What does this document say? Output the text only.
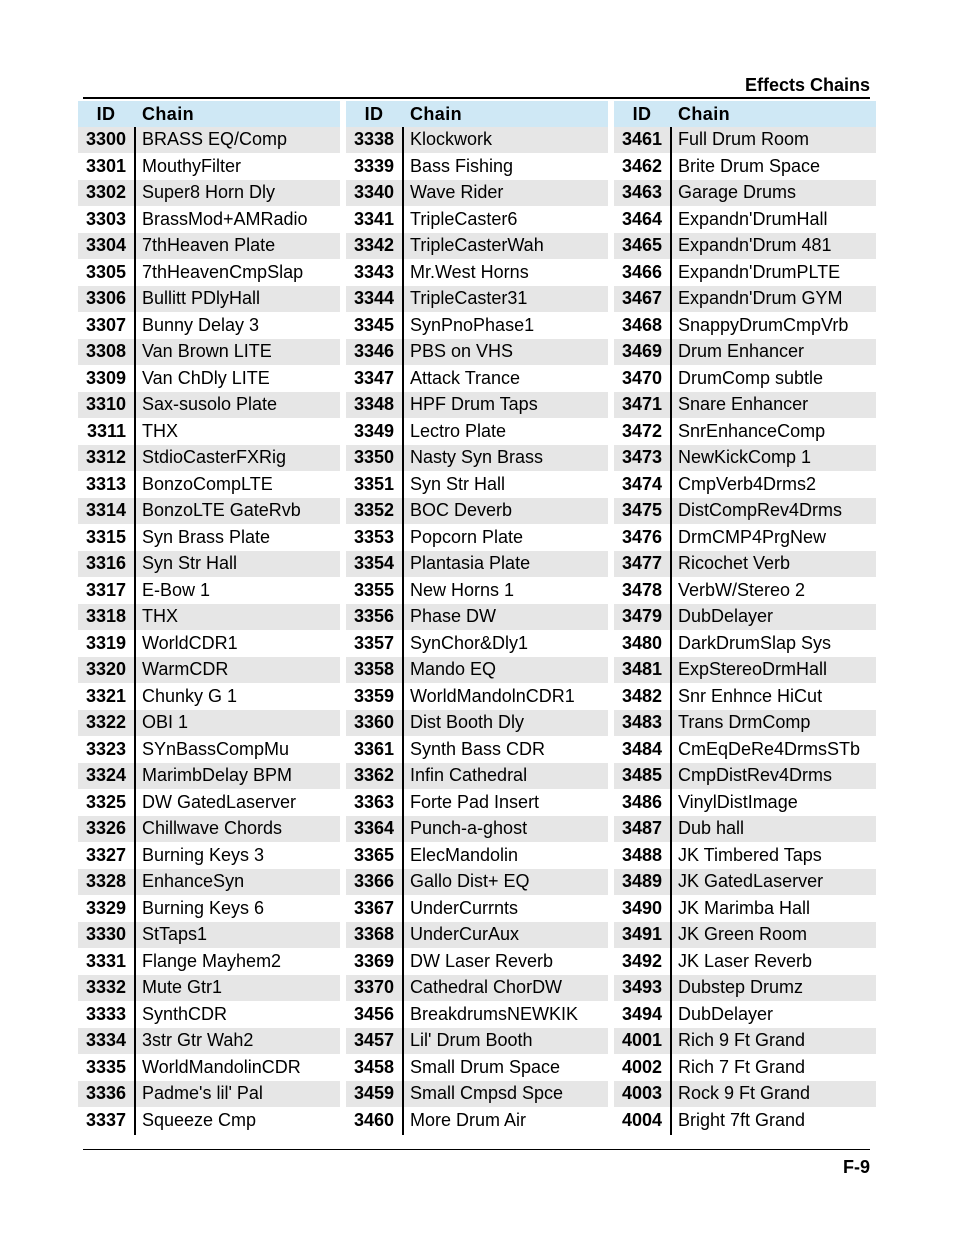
Effects Chains
ID	Chain
3300 BRASS EQ/Comp
3301 MouthyFilter
3302 Super8 Horn Dly
3303 BrassMod+AMRadio
3304 7thHeaven Plate
3305 7thHeavenCmpSlap
3306 Bullitt PDlyHall
3307 Bunny Delay 3
3308 Van Brown LITE
3309 Van ChDly LITE
3310 Sax-susolo Plate
3311 THX
3312 StdioCasterFXRig
3313 BonzoCompLTE
3314 BonzoLTE GateRvb
3315 Syn Brass Plate
3316 Syn Str Hall
3317 E-Bow 1
3318 THX
3319 WorldCDR1
3320 WarmCDR
3321 Chunky G 1
3322 OBI 1
3323 SYnBassCompMu
3324 MarimbDelay BPM
3325 DW GatedLaserver
3326 Chillwave Chords
3327 Burning Keys 3
3328 EnhanceSyn
3329 Burning Keys 6
3330 StTaps1
3331 Flange Mayhem2
3332 Mute Gtr1
3333 SynthCDR
3334 3str Gtr Wah2
3335 WorldMandolinCDR
3336 Padme's lil' Pal
3337 Squeeze Cmp
ID	Chain
3338 Klockwork
3339 Bass Fishing
3340 Wave Rider
3341 TripleCaster6
3342 TripleCasterWah
3343 Mr.West Horns
3344 TripleCaster31
3345 SynPnoPhase1
3346 PBS on VHS
3347 Attack Trance
3348 HPF Drum Taps
3349 Lectro Plate
3350 Nasty Syn Brass
3351 Syn Str Hall
3352 BOC Deverb
3353 Popcorn Plate
3354 Plantasia Plate
3355 New Horns 1
3356 Phase DW
3357 SynChor&Dly1
3358 Mando EQ
3359 WorldMandolnCDR1
3360 Dist Booth Dly
3361 Synth Bass CDR
3362 Infin Cathedral
3363 Forte Pad Insert
3364 Punch-a-ghost
3365 ElecMandolin
3366 Gallo Dist+ EQ
3367 UnderCurrnts
3368 UnderCurAux
3369 DW Laser Reverb
3370 Cathedral ChorDW
3456 BreakdrumsNEWKIK
3457 Lil' Drum Booth
3458 Small Drum Space
3459 Small Cmpsd Spce
3460 More Drum Air
ID	Chain
3461 Full Drum Room
3462 Brite Drum Space
3463 Garage Drums
3464 Expandn'DrumHall
3465 Expandn'Drum 481
3466 Expandn'DrumPLTE
3467 Expandn'Drum GYM
3468 SnappyDrumCmpVrb
3469 Drum Enhancer
3470 DrumComp subtle
3471 Snare Enhancer
3472 SnrEnhanceComp
3473 NewKickComp 1
3474 CmpVerb4Drms2
3475 DistCompRev4Drms
3476 DrmCMP4PrgNew
3477 Ricochet Verb
3478 VerbW/Stereo 2
3479 DubDelayer
3480 DarkDrumSlap Sys
3481 ExpStereoDrmHall
3482 Snr Enhnce HiCut
3483 Trans DrmComp
3484 CmEqDeRe4DrmsSTb
3485 CmpDistRev4Drms
3486 VinylDistImage
3487 Dub hall
3488 JK Timbered Taps
3489 JK GatedLaserver
3490 JK Marimba Hall
3491 JK Green Room
3492 JK Laser Reverb
3493 Dubstep Drumz
3494 DubDelayer
4001 Rich 9 Ft Grand
4002 Rich 7 Ft Grand
4003 Rock 9 Ft Grand
4004 Bright 7ft Grand
F-9
